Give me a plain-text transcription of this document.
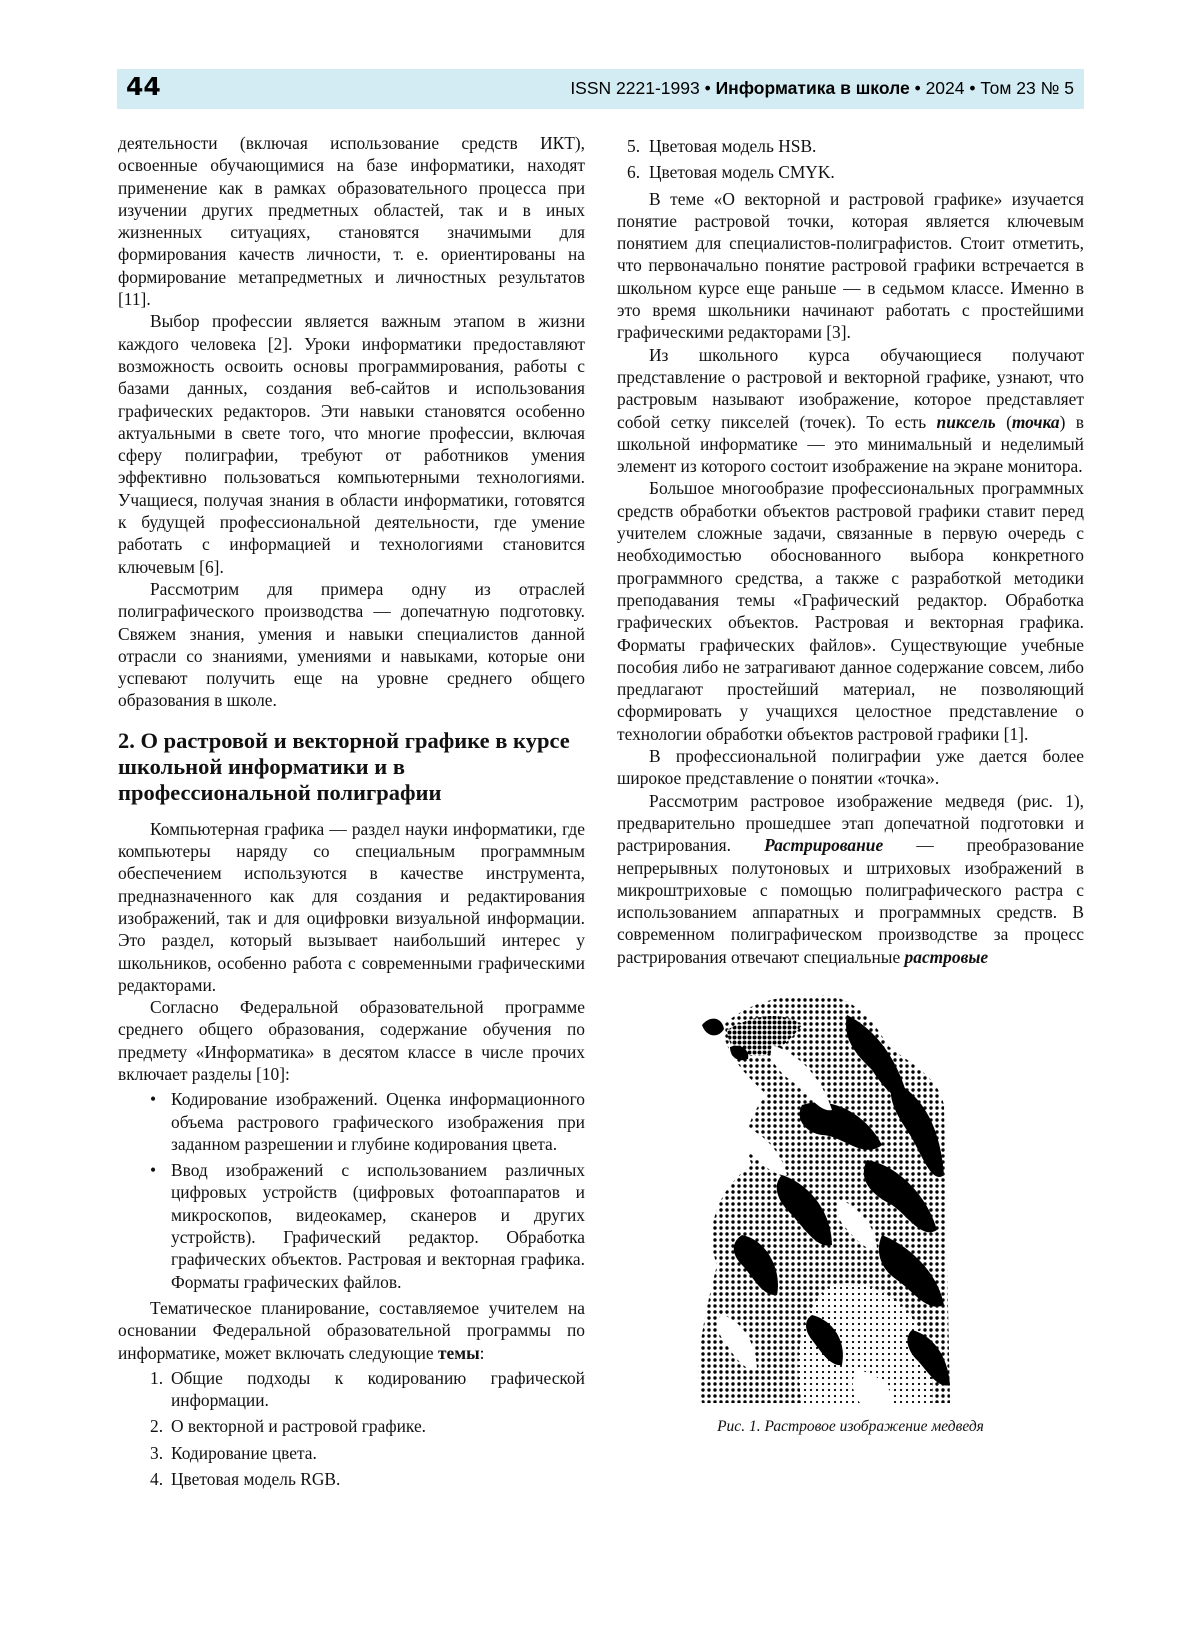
44	ISSN 2221-1993 • Информатика в школе • 2024 • Том 23 № 5

деятельности (включая использование средств ИКТ), освоенные обучающимися на базе информатики, находят применение как в рамках образовательного процесса при изучении других предметных областей, так и в иных жизненных ситуациях, становятся значимыми для формирования качеств личности, т. е. ориентированы на формирование метапредметных и личностных результатов [11].

Выбор профессии является важным этапом в жизни каждого человека [2]. Уроки информатики предоставляют возможность освоить основы программирования, работы с базами данных, создания веб-сайтов и использования графических редакторов. Эти навыки становятся особенно актуальными в свете того, что многие профессии, включая сферу полиграфии, требуют от работников умения эффективно пользоваться компьютерными технологиями. Учащиеся, получая знания в области информатики, готовятся к будущей профессиональной деятельности, где умение работать с информацией и технологиями становится ключевым [6].

Рассмотрим для примера одну из отраслей полиграфического производства — допечатную подготовку. Свяжем знания, умения и навыки специалистов данной отрасли со знаниями, умениями и навыками, которые они успевают получить еще на уровне среднего общего образования в школе.

2. О растровой и векторной графике в курсе школьной информатики и в профессиональной полиграфии

Компьютерная графика — раздел науки информатики, где компьютеры наряду со специальным программным обеспечением используются в качестве инструмента, предназначенного как для создания и редактирования изображений, так и для оцифровки визуальной информации. Это раздел, который вызывает наибольший интерес у школьников, особенно работа с современными графическими редакторами.

Согласно Федеральной образовательной программе среднего общего образования, содержание обучения по предмету «Информатика» в десятом классе в числе прочих включает разделы [10]:

• Кодирование изображений. Оценка информационного объема растрового графического изображения при заданном разрешении и глубине кодирования цвета.
• Ввод изображений с использованием различных цифровых устройств (цифровых фотоаппаратов и микроскопов, видеокамер, сканеров и других устройств). Графический редактор. Обработка графических объектов. Растровая и векторная графика. Форматы графических файлов.

Тематическое планирование, составляемое учителем на основании Федеральной образовательной программы по информатике, может включать следующие темы:

1. Общие подходы к кодированию графической информации.
2. О векторной и растровой графике.
3. Кодирование цвета.
4. Цветовая модель RGB.
5. Цветовая модель HSB.
6. Цветовая модель CMYK.

В теме «О векторной и растровой графике» изучается понятие растровой точки, которая является ключевым понятием для специалистов-полиграфистов. Стоит отметить, что первоначально понятие растровой графики встречается в школьном курсе еще раньше — в седьмом классе. Именно в это время школьники начинают работать с простейшими графическими редакторами [3].

Из школьного курса обучающиеся получают представление о растровой и векторной графике, узнают, что растровым называют изображение, которое представляет собой сетку пикселей (точек). То есть пиксель (точка) в школьной информатике — это минимальный и неделимый элемент из которого состоит изображение на экране монитора.

Большое многообразие профессиональных программных средств обработки объектов растровой графики ставит перед учителем сложные задачи, связанные в первую очередь с необходимостью обоснованного выбора конкретного программного средства, а также с разработкой методики преподавания темы «Графический редактор. Обработка графических объектов. Растровая и векторная графика. Форматы графических файлов». Существующие учебные пособия либо не затрагивают данное содержание совсем, либо предлагают простейший материал, не позволяющий сформировать у учащихся целостное представление о технологии обработки объектов растровой графики [1].

В профессиональной полиграфии уже дается более широкое представление о понятии «точка».

Рассмотрим растровое изображение медведя (рис. 1), предварительно прошедшее этап допечатной подготовки и растрирования. Растрирование — преобразование непрерывных полутоновых и штриховых изображений в микроштриховые с помощью полиграфического растра с использованием аппаратных и программных средств. В современном полиграфическом производстве за процесс растрирования отвечают специальные растровые

Рис. 1. Растровое изображение медведя
